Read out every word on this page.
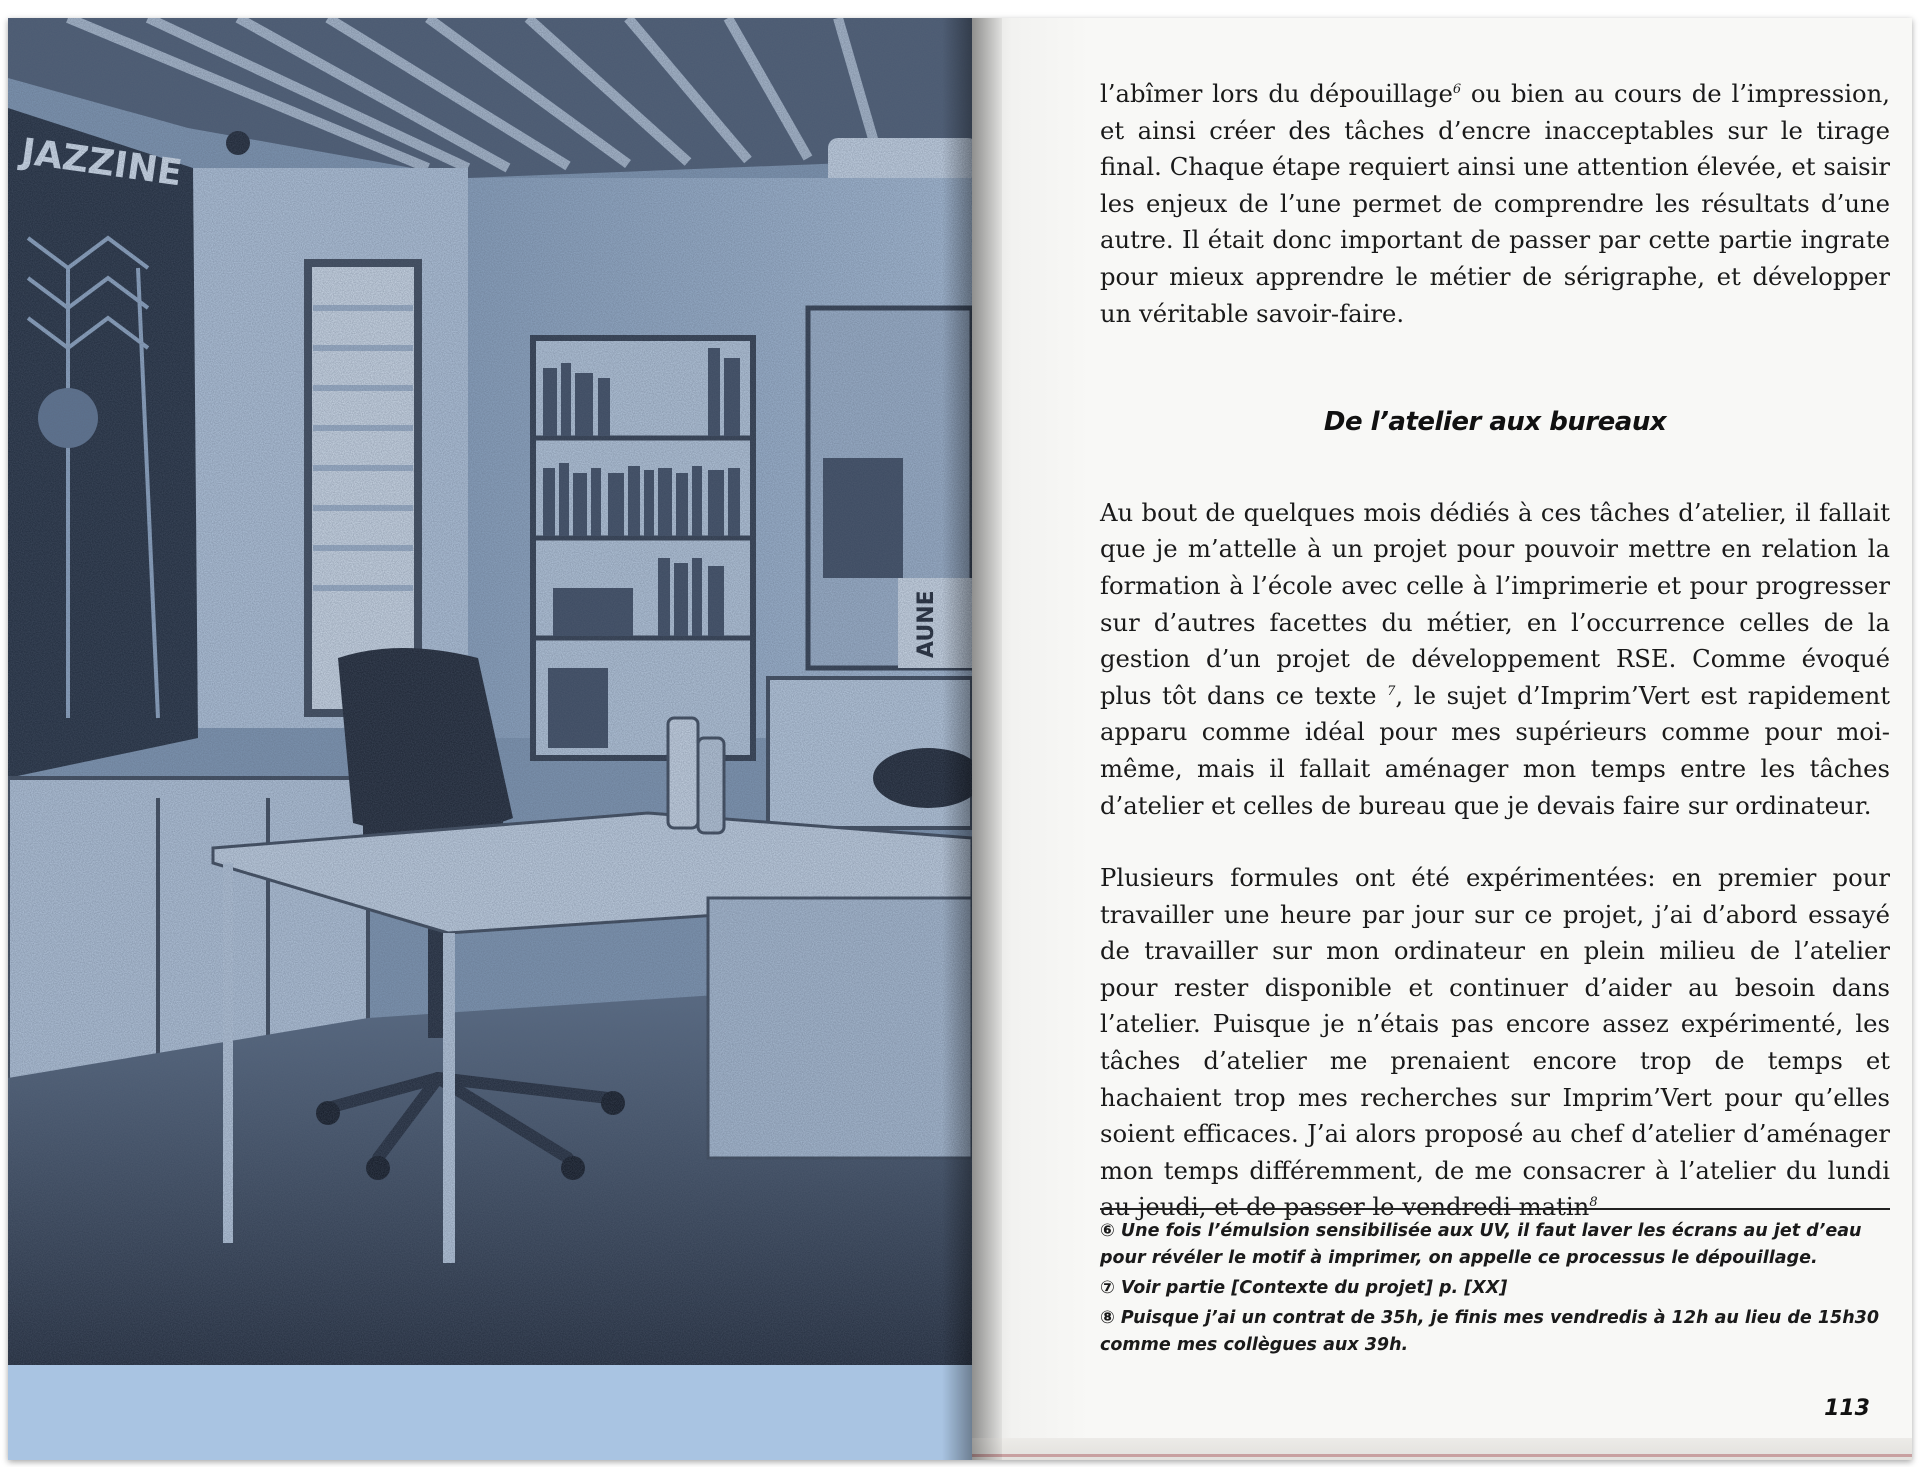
l’abîmer lors du dépouillage$^6$ ou bien au cours de l’impression, et ainsi créer des tâches d’encre inacceptables sur le tirage final. Chaque étape requiert ainsi une attention élevée, et saisir les enjeux de l’une permet de comprendre les résultats d’une autre. Il était donc important de passer par cette partie ingrate pour mieux apprendre le métier de sérigraphe, et développer un véritable savoir-faire.

De l’atelier aux bureaux

Au bout de quelques mois dédiés à ces tâches d’atelier, il fallait que je m’attelle à un projet pour pouvoir mettre en relation la formation à l’école avec celle à l’imprimerie et pour progresser sur d’autres facettes du métier, en l’occurrence celles de la gestion d’un projet de développement RSE. Comme évoqué plus tôt dans ce texte $^7$, le sujet d’Imprim’Vert est rapidement apparu comme idéal pour mes supérieurs comme pour moi-même, mais il fallait aménager mon temps entre les tâches d’atelier et celles de bureau que je devais faire sur ordinateur.

Plusieurs formules ont été expérimentées: en premier pour travailler une heure par jour sur ce projet, j’ai d’abord essayé de travailler sur mon ordinateur en plein milieu de l’atelier pour rester disponible et continuer d’aider au besoin dans l’atelier. Puisque je n’étais pas encore assez expérimenté, les tâches d’atelier me prenaient encore trop de temps et hachaient trop mes recherches sur Imprim’Vert pour qu’elles soient efficaces. J’ai alors proposé au chef d’atelier d’aménager mon temps différemment, de me consacrer à l’atelier du lundi au jeudi, et de passer le vendredi matin$^8$

⑥ Une fois l’émulsion sensibilisée aux UV, il faut laver les écrans au jet d’eau pour révéler le motif à imprimer, on appelle ce processus le dépouillage.

⑦ Voir partie [Contexte du projet] p. [XX]

⑧ Puisque j’ai un contrat de 35h, je finis mes vendredis à 12h au lieu de 15h30 comme mes collègues aux 39h.

113
